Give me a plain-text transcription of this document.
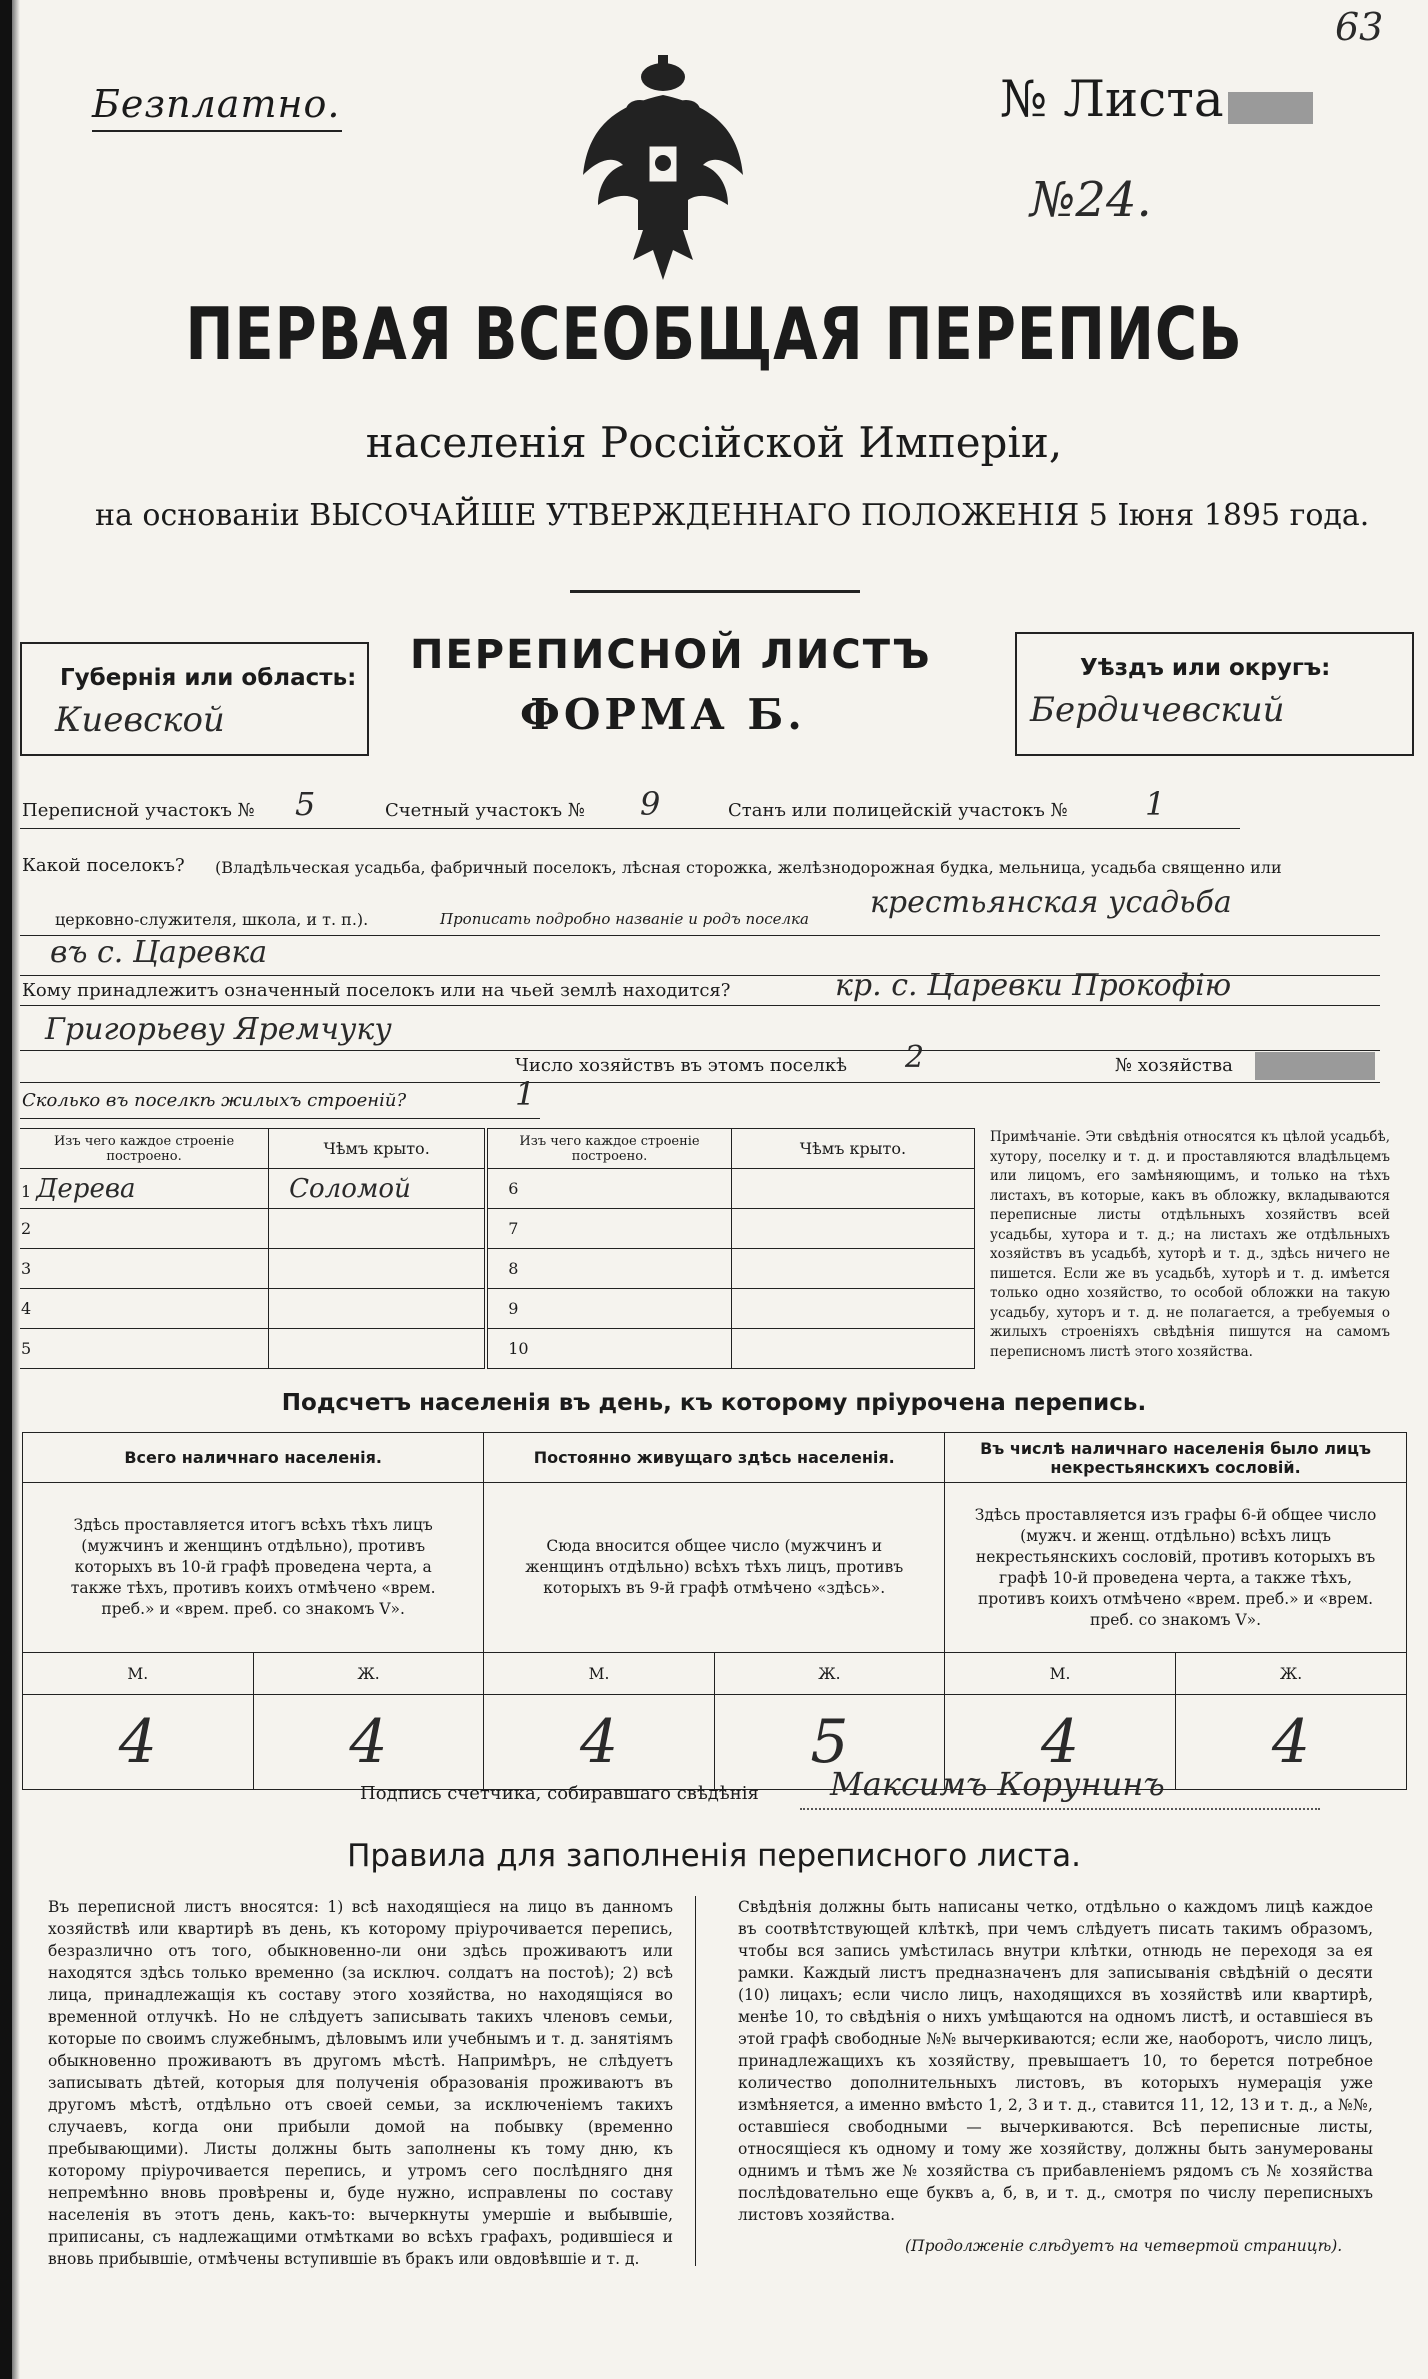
63
Безплатно.	№ Листа
№24.
ПЕРВАЯ ВСЕОБЩАЯ ПЕРЕПИСЬ
населенія Россійской Имперіи,
на основаніи ВЫСОЧАЙШЕ УТВЕРЖДЕННАГО ПОЛОЖЕНІЯ 5 Іюня 1895 года.
Губернія или область:
Киевской
ПЕРЕПИСНОЙ ЛИСТЪ
ФОРМА Б.
Уѣздъ или округъ:
Бердичевский
Переписной участокъ № 5	Счетный участокъ № 9	Станъ или полицейскій участокъ № 1
Какой поселокъ? (Владѣльческая усадьба, фабричный поселокъ, лѣсная сторожка, желѣзнодорожная будка, мельница, усадьба священно или
церковно-служителя, школа, и т. п.).	Прописать подробно названіе и родъ поселка крестьянская усадьба
въ с. Царевка
Кому принадлежитъ означенный поселокъ или на чьей землѣ находится?	кр. с. Царевки Прокофію
Григорьеву Яремчуку
Число хозяйствъ въ этомъ поселкѣ 2	№ хозяйства
Сколько въ поселкѣ жилыхъ строеній?	1
Изъ чего каждое строеніе построено.	Чѣмъ крыто.	Изъ чего каждое строеніе построено.	Чѣмъ крыто.
1 Дерева	Соломой	6	
2		7	
3		8	
4		9	
5		10	
Примѣчаніе. Эти свѣдѣнія относятся къ цѣлой усадьбѣ, хутору, поселку и т. д. и проставляются владѣльцемъ или лицомъ, его замѣняющимъ, и только на тѣхъ листахъ, въ которые, какъ въ обложку, вкладываются переписные листы отдѣльныхъ хозяйствъ всей усадьбы, хутора и т. д.; на листахъ же отдѣльныхъ хозяйствъ въ усадьбѣ, хуторѣ и т. д., здѣсь ничего не пишется. Если же въ усадьбѣ, хуторѣ и т. д. имѣется только одно хозяйство, то особой обложки на такую усадьбу, хуторъ и т. д. не полагается, а требуемыя о жилыхъ строеніяхъ свѣдѣнія пишутся на самомъ переписномъ листѣ этого хозяйства.
Подсчетъ населенія въ день, къ которому пріурочена перепись.
Всего наличнаго населенія.		Постоянно живущаго здѣсь населенія.		Въ числѣ наличнаго населенія было лицъ некрестьянскихъ сословій.	
Здѣсь проставляется итогъ всѣхъ тѣхъ лицъ (мужчинъ и женщинъ отдѣльно), противъ которыхъ въ 10-й графѣ проведена черта, а также тѣхъ, противъ коихъ отмѣчено «врем. преб.» и «врем. преб. со знакомъ V».		Сюда вносится общее число (мужчинъ и женщинъ отдѣльно) всѣхъ тѣхъ лицъ, противъ которыхъ въ 9-й графѣ отмѣчено «здѣсь».		Здѣсь проставляется изъ графы 6-й общее число (мужч. и женщ. отдѣльно) всѣхъ лицъ некрестьянскихъ сословій, противъ которыхъ въ графѣ 10-й проведена черта, а также тѣхъ, противъ коихъ отмѣчено «врем. преб.» и «врем. преб. со знакомъ V».	
М.	Ж.	М.	Ж.	М.	Ж.
4	4	4	5	4	4
Подпись счетчика, собиравшаго свѣдѣнія Максимъ Корунинъ
Правила для заполненія переписного листа.
Въ переписной листъ вносятся: 1) всѣ находящіеся на лицо въ данномъ хозяйствѣ или квартирѣ въ день, къ которому пріурочивается перепись, безразлично отъ того, обыкновенно-ли они здѣсь проживаютъ или находятся здѣсь только временно (за исключ. солдатъ на постоѣ); 2) всѣ лица, принадлежащія къ составу этого хозяйства, но находящіяся во временной отлучкѣ. Но не слѣдуетъ записывать такихъ членовъ семьи, которые по своимъ служебнымъ, дѣловымъ или учебнымъ и т. д. занятіямъ обыкновенно проживаютъ въ другомъ мѣстѣ. Напримѣръ, не слѣдуетъ записывать дѣтей, которыя для полученія образованія проживаютъ въ другомъ мѣстѣ, отдѣльно отъ своей семьи, за исключеніемъ такихъ случаевъ, когда они прибыли домой на побывку (временно пребывающими). Листы должны быть заполнены къ тому дню, къ которому пріурочивается перепись, и утромъ сего послѣдняго дня непремѣнно вновь провѣрены и, буде нужно, исправлены по составу населенія въ этотъ день, какъ-то: вычеркнуты умершіе и выбывшіе, приписаны, съ надлежащими отмѣтками во всѣхъ графахъ, родившіеся и вновь прибывшіе, отмѣчены вступившіе въ бракъ или овдовѣвшіе и т. д.
Свѣдѣнія должны быть написаны четко, отдѣльно о каждомъ лицѣ каждое въ соотвѣтствующей клѣткѣ, при чемъ слѣдуетъ писать такимъ образомъ, чтобы вся запись умѣстилась внутри клѣтки, отнюдь не переходя за ея рамки. Каждый листъ предназначенъ для записыванія свѣдѣній о десяти (10) лицахъ; если число лицъ, находящихся въ хозяйствѣ или квартирѣ, менѣе 10, то свѣдѣнія о нихъ умѣщаются на одномъ листѣ, и оставшіеся въ этой графѣ свободные №№ вычеркиваются; если же, наоборотъ, число лицъ, принадлежащихъ къ хозяйству, превышаетъ 10, то берется потребное количество дополнительныхъ листовъ, въ которыхъ нумерація уже измѣняется, а именно вмѣсто 1, 2, 3 и т. д., ставится 11, 12, 13 и т. д., а №№, оставшіеся свободными — вычеркиваются. Всѣ переписные листы, относящіеся къ одному и тому же хозяйству, должны быть занумерованы однимъ и тѣмъ же № хозяйства съ прибавленіемъ рядомъ съ № хозяйства послѣдовательно еще буквъ а, б, в, и т. д., смотря по числу переписныхъ листовъ хозяйства.
(Продолженіе слѣдуетъ на четвертой страницѣ).
